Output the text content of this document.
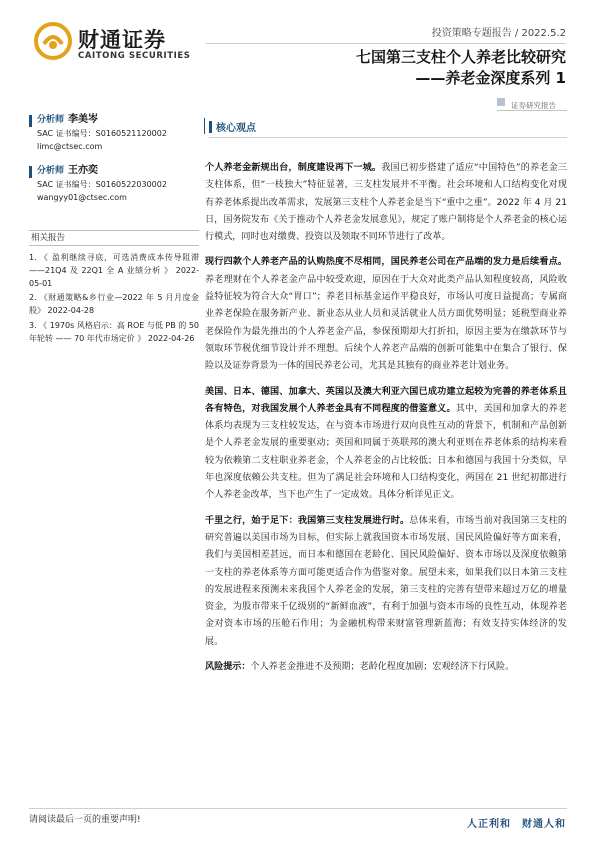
财通证券
CAITONG SECURITIES
投资策略专题报告 / 2022.5.2
七国第三支柱个人养老比较研究
——养老金深度系列 1
证券研究报告
分析师 李美岑
SAC 证书编号：S0160521120002
limc@ctsec.com
分析师 王亦奕
SAC 证书编号：S0160522030002
wangyy01@ctsec.com
相关报告
1. 《 盈利继续寻底，可选消费成本传导阻滞 ——21Q4 及 22Q1 全 A 业绩分析 》 2022-05-01
2. 《财通策略&乡行业—2022 年 5 月月度金股》 2022-04-28
3. 《 1970s 风格启示：高 ROE 与低 PB 的 50 年轮转 —— 70 年代市场定价 》 2022-04-26
核心观点

个人养老金新规出台，制度建设再下一城。我国已初步搭建了适应“中国特色”的养老金三支柱体系，但“一枝独大”特征显著，三支柱发展并不平衡。社会环境和人口结构变化对现有养老体系提出改革需求，发展第三支柱个人养老金是当下“重中之重”。2022 年 4 月 21 日，国务院发布《关于推动个人养老金发展意见》，规定了账户制将是个人养老金的核心运行模式，同时也对缴费、投资以及领取不同环节进行了改革。

现行四款个人养老产品的认购热度不尽相同，国民养老公司在产品端的发力是后续看点。养老理财在个人养老金产品中较受欢迎，原因在于大众对此类产品认知程度较高，风险收益特征较为符合大众“胃口”；养老目标基金运作平稳良好，市场认可度日益提高；专属商业养老保险在服务新产业、新业态从业人员和灵活就业人员方面优势明显；延税型商业养老保险作为最先推出的个人养老金产品，参保预期却大打折扣，原因主要为在缴款环节与领取环节税优细节设计并不理想。后续个人养老产品端的创新可能集中在集合了银行、保险以及证券背景为一体的国民养老公司，尤其是其独有的商业养老计划业务。

美国、日本、德国、加拿大、英国以及澳大利亚六国已成功建立起较为完善的养老体系且各有特色，对我国发展个人养老金具有不同程度的借鉴意义。其中，美国和加拿大的养老体系均表现为三支柱较发达，在与资本市场进行双向良性互动的背景下，机制和产品创新是个人养老金发展的重要驱动；英国和同属于英联邦的澳大利亚则在养老体系的结构来看较为依赖第二支柱职业养老金，个人养老金的占比较低；日本和德国与我国十分类似，早年也深度依赖公共支柱。但为了满足社会环境和人口结构变化，两国在 21 世纪初都进行个人养老金改革，当下也产生了一定成效。具体分析详见正文。

千里之行，始于足下：我国第三支柱发展进行时。总体来看，市场当前对我国第三支柱的研究普遍以美国市场为目标，但实际上就我国资本市场发展、国民风险偏好等方面来看，我们与美国相差甚远，而日本和德国在老龄化、国民风险偏好、资本市场以及深度依赖第一支柱的养老体系等方面可能更适合作为借鉴对象。展望未来，如果我们以日本第三支柱的发展进程来预测未来我国个人养老金的发展，第三支柱的完善有望带来超过万亿的增量资金，为股市带来千亿级别的“新鲜血液”，有利于加强与资本市场的良性互动，体现养老金对资本市场的压舱石作用；为金融机构带来财富管理新蓝海；有效支持实体经济的发展。

风险提示：个人养老金推进不及预期；老龄化程度加剧；宏观经济下行风险。

请阅读最后一页的重要声明!	人正利和　财通人和
